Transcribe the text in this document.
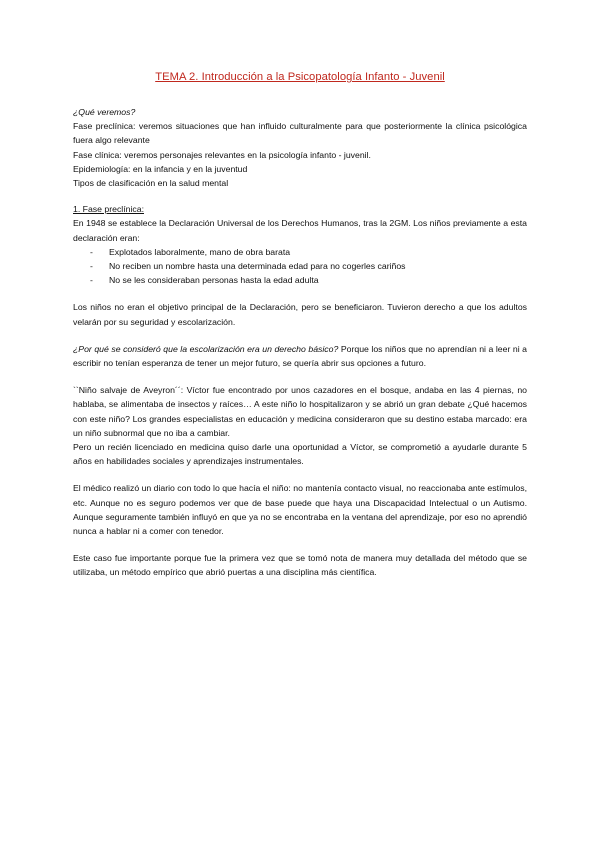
TEMA 2. Introducción a la Psicopatología Infanto - Juvenil

¿Qué veremos?

Fase preclínica: veremos situaciones que han influido culturalmente para que posteriormente la clínica psicológica fuera algo relevante

Fase clínica: veremos personajes relevantes en la psicología infanto - juvenil.

Epidemiología: en la infancia y en la juventud

Tipos de clasificación en la salud mental

1. Fase preclínica:

En 1948 se establece la Declaración Universal de los Derechos Humanos, tras la 2GM. Los niños previamente a esta declaración eran:

- Explotados laboralmente, mano de obra barata
- No reciben un nombre hasta una determinada edad para no cogerles cariños
- No se les consideraban personas hasta la edad adulta

Los niños no eran el objetivo principal de la Declaración, pero se beneficiaron. Tuvieron derecho a que los adultos velarán por su seguridad y escolarización.

¿Por qué se consideró que la escolarización era un derecho básico? Porque los niños que no aprendían ni a leer ni a escribir no tenían esperanza de tener un mejor futuro, se quería abrir sus opciones a futuro.

``Niño salvaje de Aveyron´´: Víctor fue encontrado por unos cazadores en el bosque, andaba en las 4 piernas, no hablaba, se alimentaba de insectos y raíces… A este niño lo hospitalizaron y se abrió un gran debate ¿Qué hacemos con este niño? Los grandes especialistas en educación y medicina consideraron que su destino estaba marcado: era un niño subnormal que no iba a cambiar.

Pero un recién licenciado en medicina quiso darle una oportunidad a Víctor, se comprometió a ayudarle durante 5 años en habilidades sociales y aprendizajes instrumentales.

El médico realizó un diario con todo lo que hacía el niño: no mantenía contacto visual, no reaccionaba ante estímulos, etc. Aunque no es seguro podemos ver que de base puede que haya una Discapacidad Intelectual o un Autismo. Aunque seguramente también influyó en que ya no se encontraba en la ventana del aprendizaje, por eso no aprendió nunca a hablar ni a comer con tenedor.

Este caso fue importante porque fue la primera vez que se tomó nota de manera muy detallada del método que se utilizaba, un método empírico que abrió puertas a una disciplina más científica.
